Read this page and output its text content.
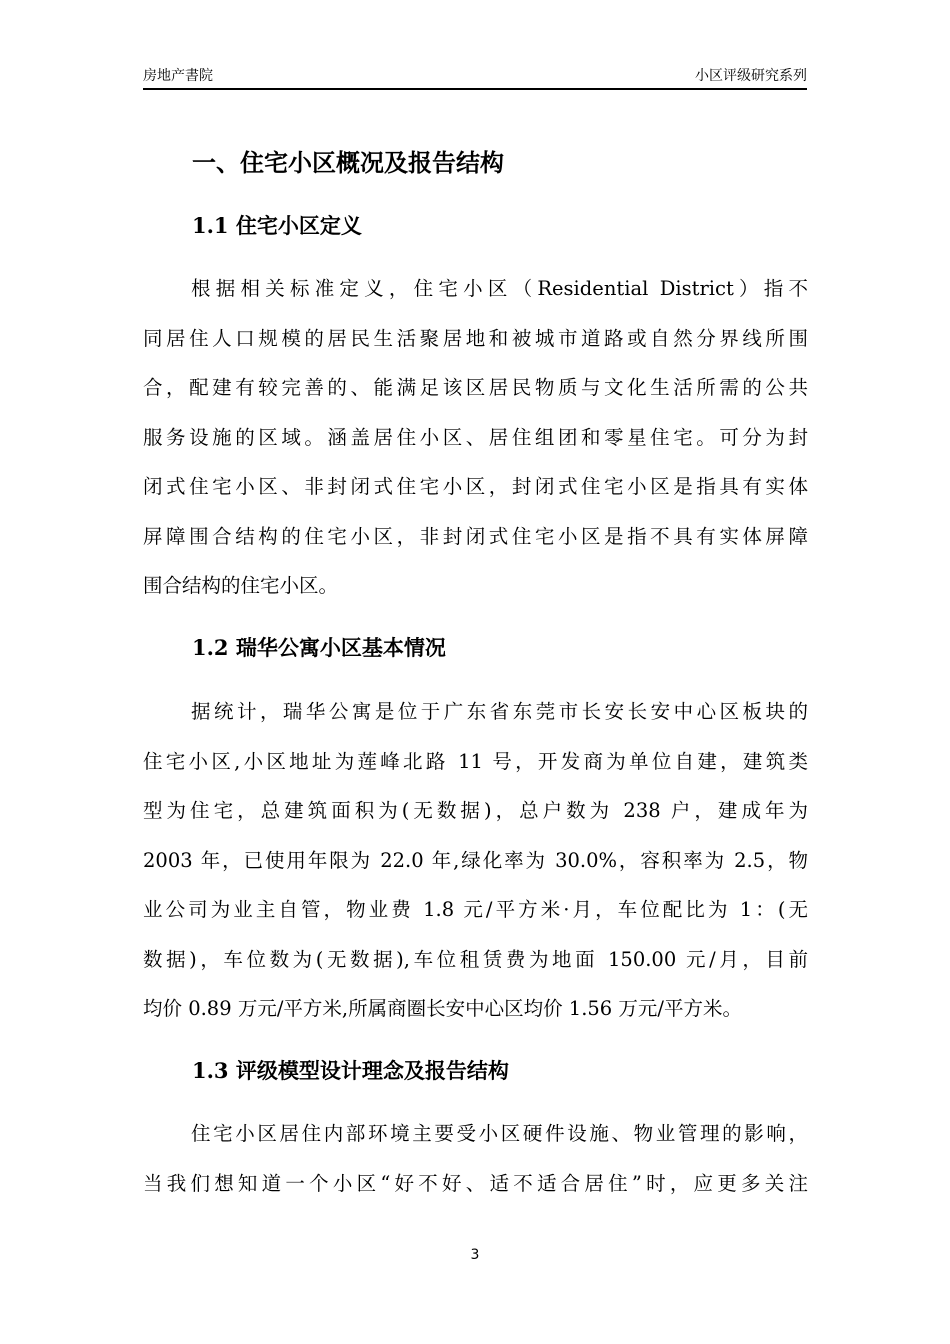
房地产書院	小区评级研究系列
一、住宅小区概况及报告结构
1.1 住宅小区定义
根据相关标准定义，住宅小区（Residential District）指不
同居住人口规模的居民生活聚居地和被城市道路或自然分界线所围
合，配建有较完善的、能满足该区居民物质与文化生活所需的公共
服务设施的区域。涵盖居住小区、居住组团和零星住宅。可分为封
闭式住宅小区、非封闭式住宅小区，封闭式住宅小区是指具有实体
屏障围合结构的住宅小区，非封闭式住宅小区是指不具有实体屏障
围合结构的住宅小区。
1.2 瑞华公寓小区基本情况
据统计，瑞华公寓是位于广东省东莞市长安长安中心区板块的
住宅小区,小区地址为莲峰北路 11 号，开发商为单位自建，建筑类
型为住宅，总建筑面积为(无数据)，总户数为 238 户，建成年为
2003 年，已使用年限为 22.0 年,绿化率为 30.0%，容积率为 2.5，物
业公司为业主自管，物业费 1.8 元/平方米·月，车位配比为 1：(无
数据)，车位数为(无数据),车位租赁费为地面 150.00 元/月，目前
均价 0.89 万元/平方米,所属商圈长安中心区均价 1.56 万元/平方米。
1.3 评级模型设计理念及报告结构
住宅小区居住内部环境主要受小区硬件设施、物业管理的影响，
当我们想知道一个小区“好不好、适不适合居住”时，应更多关注
3
